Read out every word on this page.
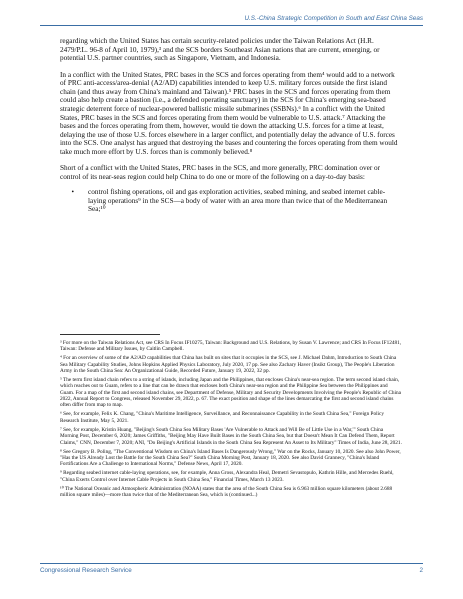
U.S.-China Strategic Competition in South and East China Seas

regarding which the United States has certain security-related policies under the Taiwan Relations Act (H.R. 2479/P.L. 96-8 of April 10, 1979),³ and the SCS borders Southeast Asian nations that are current, emerging, or potential U.S. partner countries, such as Singapore, Vietnam, and Indonesia.

In a conflict with the United States, PRC bases in the SCS and forces operating from them⁴ would add to a network of PRC anti-access/area-denial (A2/AD) capabilities intended to keep U.S. military forces outside the first island chain (and thus away from China's mainland and Taiwan).⁵ PRC bases in the SCS and forces operating from them could also help create a bastion (i.e., a defended operating sanctuary) in the SCS for China's emerging sea-based strategic deterrent force of nuclear-powered ballistic missile submarines (SSBNs).⁶ In a conflict with the United States, PRC bases in the SCS and forces operating from them would be vulnerable to U.S. attack.⁷ Attacking the bases and the forces operating from them, however, would tie down the attacking U.S. forces for a time at least, delaying the use of those U.S. forces elsewhere in a larger conflict, and potentially delay the advance of U.S. forces into the SCS. One analyst has argued that destroying the bases and countering the forces operating from them would take much more effort by U.S. forces than is commonly believed.⁸

Short of a conflict with the United States, PRC bases in the SCS, and more generally, PRC domination over or control of its near-seas region could help China to do one or more of the following on a day-to-day basis:

•	control fishing operations, oil and gas exploration activities, seabed mining, and seabed internet cable-laying operations⁹ in the SCS—a body of water with an area more than twice that of the Mediterranean Sea;¹⁰
³ For more on the Taiwan Relations Act, see CRS In Focus IF10275, Taiwan: Background and U.S. Relations, by Susan V. Lawrence; and CRS In Focus IF12481, Taiwan: Defense and Military Issues, by Caitlin Campbell.
⁴ For an overview of some of the A2/AD capabilities that China has built on sites that it occupies in the SCS, see J. Michael Dahm, Introduction to South China Sea Military Capability Studies, Johns Hopkins Applied Physics Laboratory, July 2020, 17 pp. See also Zachary Haver (Insikt Group), The People's Liberation Army in the South China Sea: An Organizational Guide, Recorded Future, January 19, 2022, 32 pp.
⁵ The term first island chain refers to a string of islands, including Japan and the Philippines, that encloses China's near-sea region. The term second island chain, which reaches out to Guam, refers to a line that can be drawn that encloses both China's near-sea region and the Philippine Sea between the Philippines and Guam. For a map of the first and second island chains, see Department of Defense, Military and Security Developments Involving the People's Republic of China 2022, Annual Report to Congress, released November 29, 2022, p. 67. The exact position and shape of the lines demarcating the first and second island chains often differ from map to map.
⁶ See, for example, Felix K. Chang, "China's Maritime Intelligence, Surveillance, and Reconnaissance Capability in the South China Sea," Foreign Policy Research Institute, May 5, 2021.
⁷ See, for example, Kristin Huang, "Beijing's South China Sea Military Bases 'Are Vulnerable to Attack and Will Be of Little Use in a War,'" South China Morning Post, December 6, 2020; James Griffiths, "Beijing May Have Built Bases in the South China Sea, but that Doesn't Mean It Can Defend Them, Report Claims," CNN, December 7, 2020; ANI, "Do Beijing's Artificial Islands in the South China Sea Represent An Asset to Its Military" Times of India, June 28, 2021.
⁸ See Gregory B. Poling, "The Conventional Wisdom on China's Island Bases Is Dangerously Wrong," War on the Rocks, January 10, 2020. See also John Power, "Has the US Already Lost the Battle for the South China Sea?" South China Morning Post, January 18, 2020. See also David Grannecy, "China's Island Fortifications Are a Challenge to International Norms," Defense News, April 17, 2020.
⁹ Regarding seabed internet cable-laying operations, see, for example, Anna Gross, Alexandra Heal, Demetri Sevastopulo, Kathrin Hille, and Mercedes Ruehl, "China Exerts Control over Internet Cable Projects in South China Sea," Financial Times, March 13 2023.
¹⁰ The National Oceanic and Atmospheric Administration (NOAA) states that the area of the South China Sea is 6.963 million square kilometers (about 2.688 million square miles)—more than twice that of the Mediterranean Sea, which is (continued...)
Congressional Research Service	2
